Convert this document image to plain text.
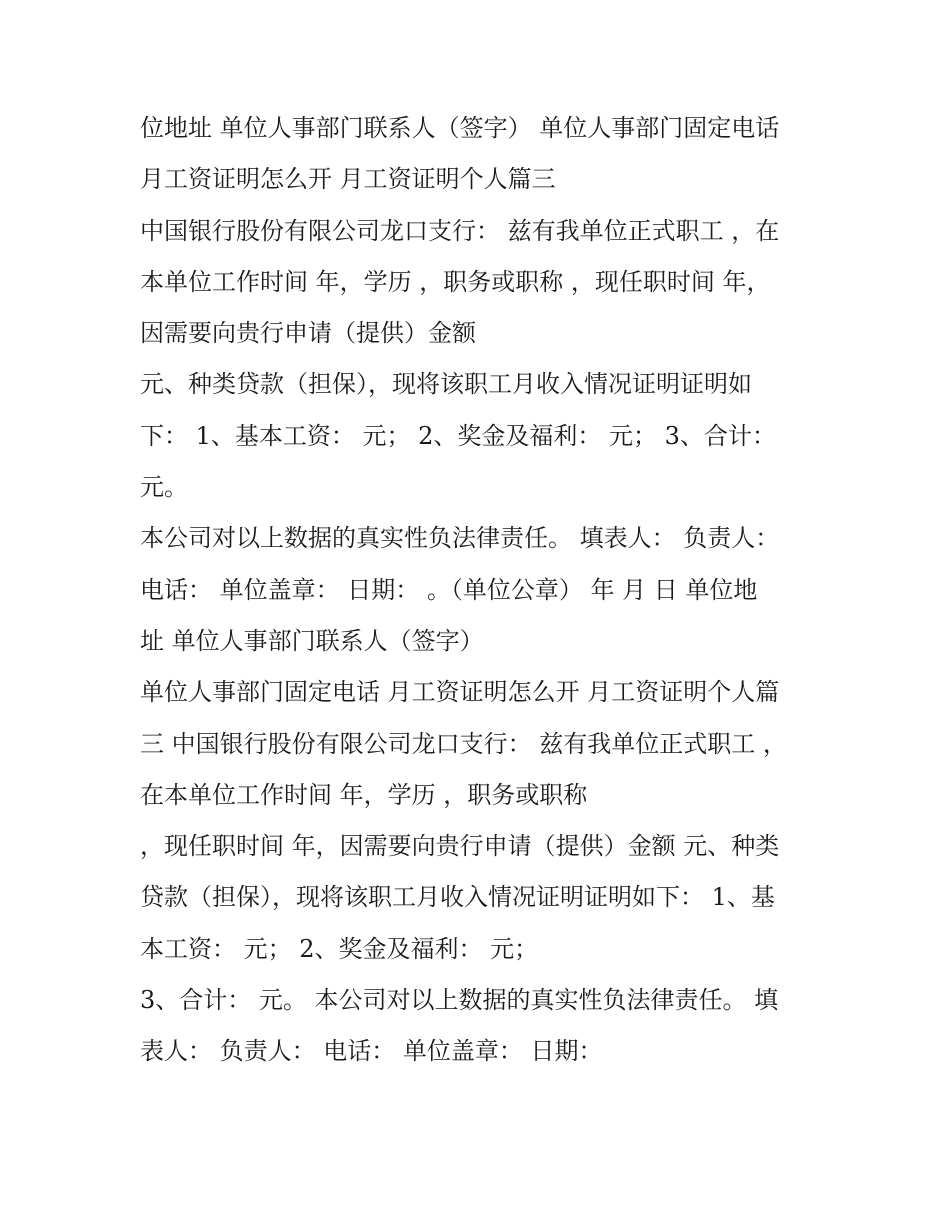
位地址 单位人事部门联系人（签字） 单位人事部门固定电话
月工资证明怎么开 月工资证明个人篇三
中国银行股份有限公司龙口支行： 兹有我单位正式职工 ，在
本单位工作时间 年，学历 ，职务或职称 ，现任职时间 年，
因需要向贵行申请（提供）金额
元、种类贷款（担保），现将该职工月收入情况证明证明如
下： 1、基本工资： 元； 2、奖金及福利： 元； 3、合计：
元。
本公司对以上数据的真实性负法律责任。 填表人： 负责人：
电话： 单位盖章： 日期： 。（单位公章） 年 月 日 单位地
址 单位人事部门联系人（签字）
单位人事部门固定电话 月工资证明怎么开 月工资证明个人篇
三 中国银行股份有限公司龙口支行： 兹有我单位正式职工 ，
在本单位工作时间 年，学历 ，职务或职称
，现任职时间 年，因需要向贵行申请（提供）金额 元、种类
贷款（担保），现将该职工月收入情况证明证明如下： 1、基
本工资： 元； 2、奖金及福利： 元；
3、合计： 元。 本公司对以上数据的真实性负法律责任。 填
表人： 负责人： 电话： 单位盖章： 日期：
